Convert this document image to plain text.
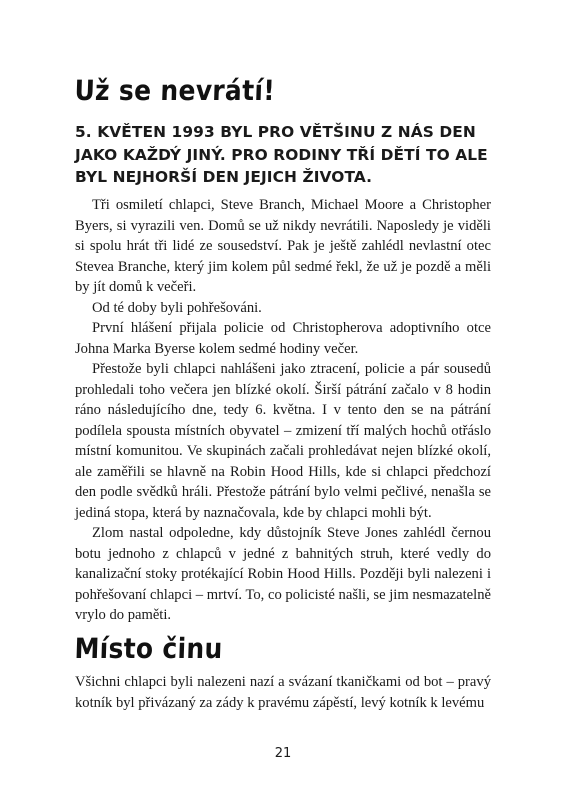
Už se nevrátí!

5. KVĚTEN 1993 BYL PRO VĚTŠINU Z NÁS DEN JAKO KAŽDÝ JINÝ. PRO RODINY TŘÍ DĚTÍ TO ALE BYL NEJHORŠÍ DEN JEJICH ŽIVOTA.

Tři osmiletí chlapci, Steve Branch, Michael Moore a Christopher Byers, si vyrazili ven. Domů se už nikdy nevrátili. Naposledy je viděli si spolu hrát tři lidé ze sousedství. Pak je ještě zahlédl nevlastní otec Stevea Branche, který jim kolem půl sedmé řekl, že už je pozdě a měli by jít domů k večeři.

Od té doby byli pohřešováni.

První hlášení přijala policie od Christopherova adoptivního otce Johna Marka Byerse kolem sedmé hodiny večer.

Přestože byli chlapci nahlášeni jako ztracení, policie a pár sousedů prohledali toho večera jen blízké okolí. Širší pátrání začalo v 8 hodin ráno následujícího dne, tedy 6. května. I v tento den se na pátrání podílela spousta místních obyvatel – zmizení tří malých hochů otřáslo místní komunitou. Ve skupinách začali prohledávat nejen blízké okolí, ale zaměřili se hlavně na Robin Hood Hills, kde si chlapci předchozí den podle svědků hráli. Přestože pátrání bylo velmi pečlivé, nenašla se jediná stopa, která by naznačovala, kde by chlapci mohli být.

Zlom nastal odpoledne, kdy důstojník Steve Jones zahlédl černou botu jednoho z chlapců v jedné z bahnitých struh, které vedly do kanalizační stoky protékající Robin Hood Hills. Později byli nalezeni i pohřešovaní chlapci – mrtví. To, co policisté našli, se jim nesmazatelně vrylo do paměti.

Místo činu

Všichni chlapci byli nalezeni nazí a svázaní tkaničkami od bot – pravý kotník byl přivázaný za zády k pravému zápěstí, levý kotník k levému

21
